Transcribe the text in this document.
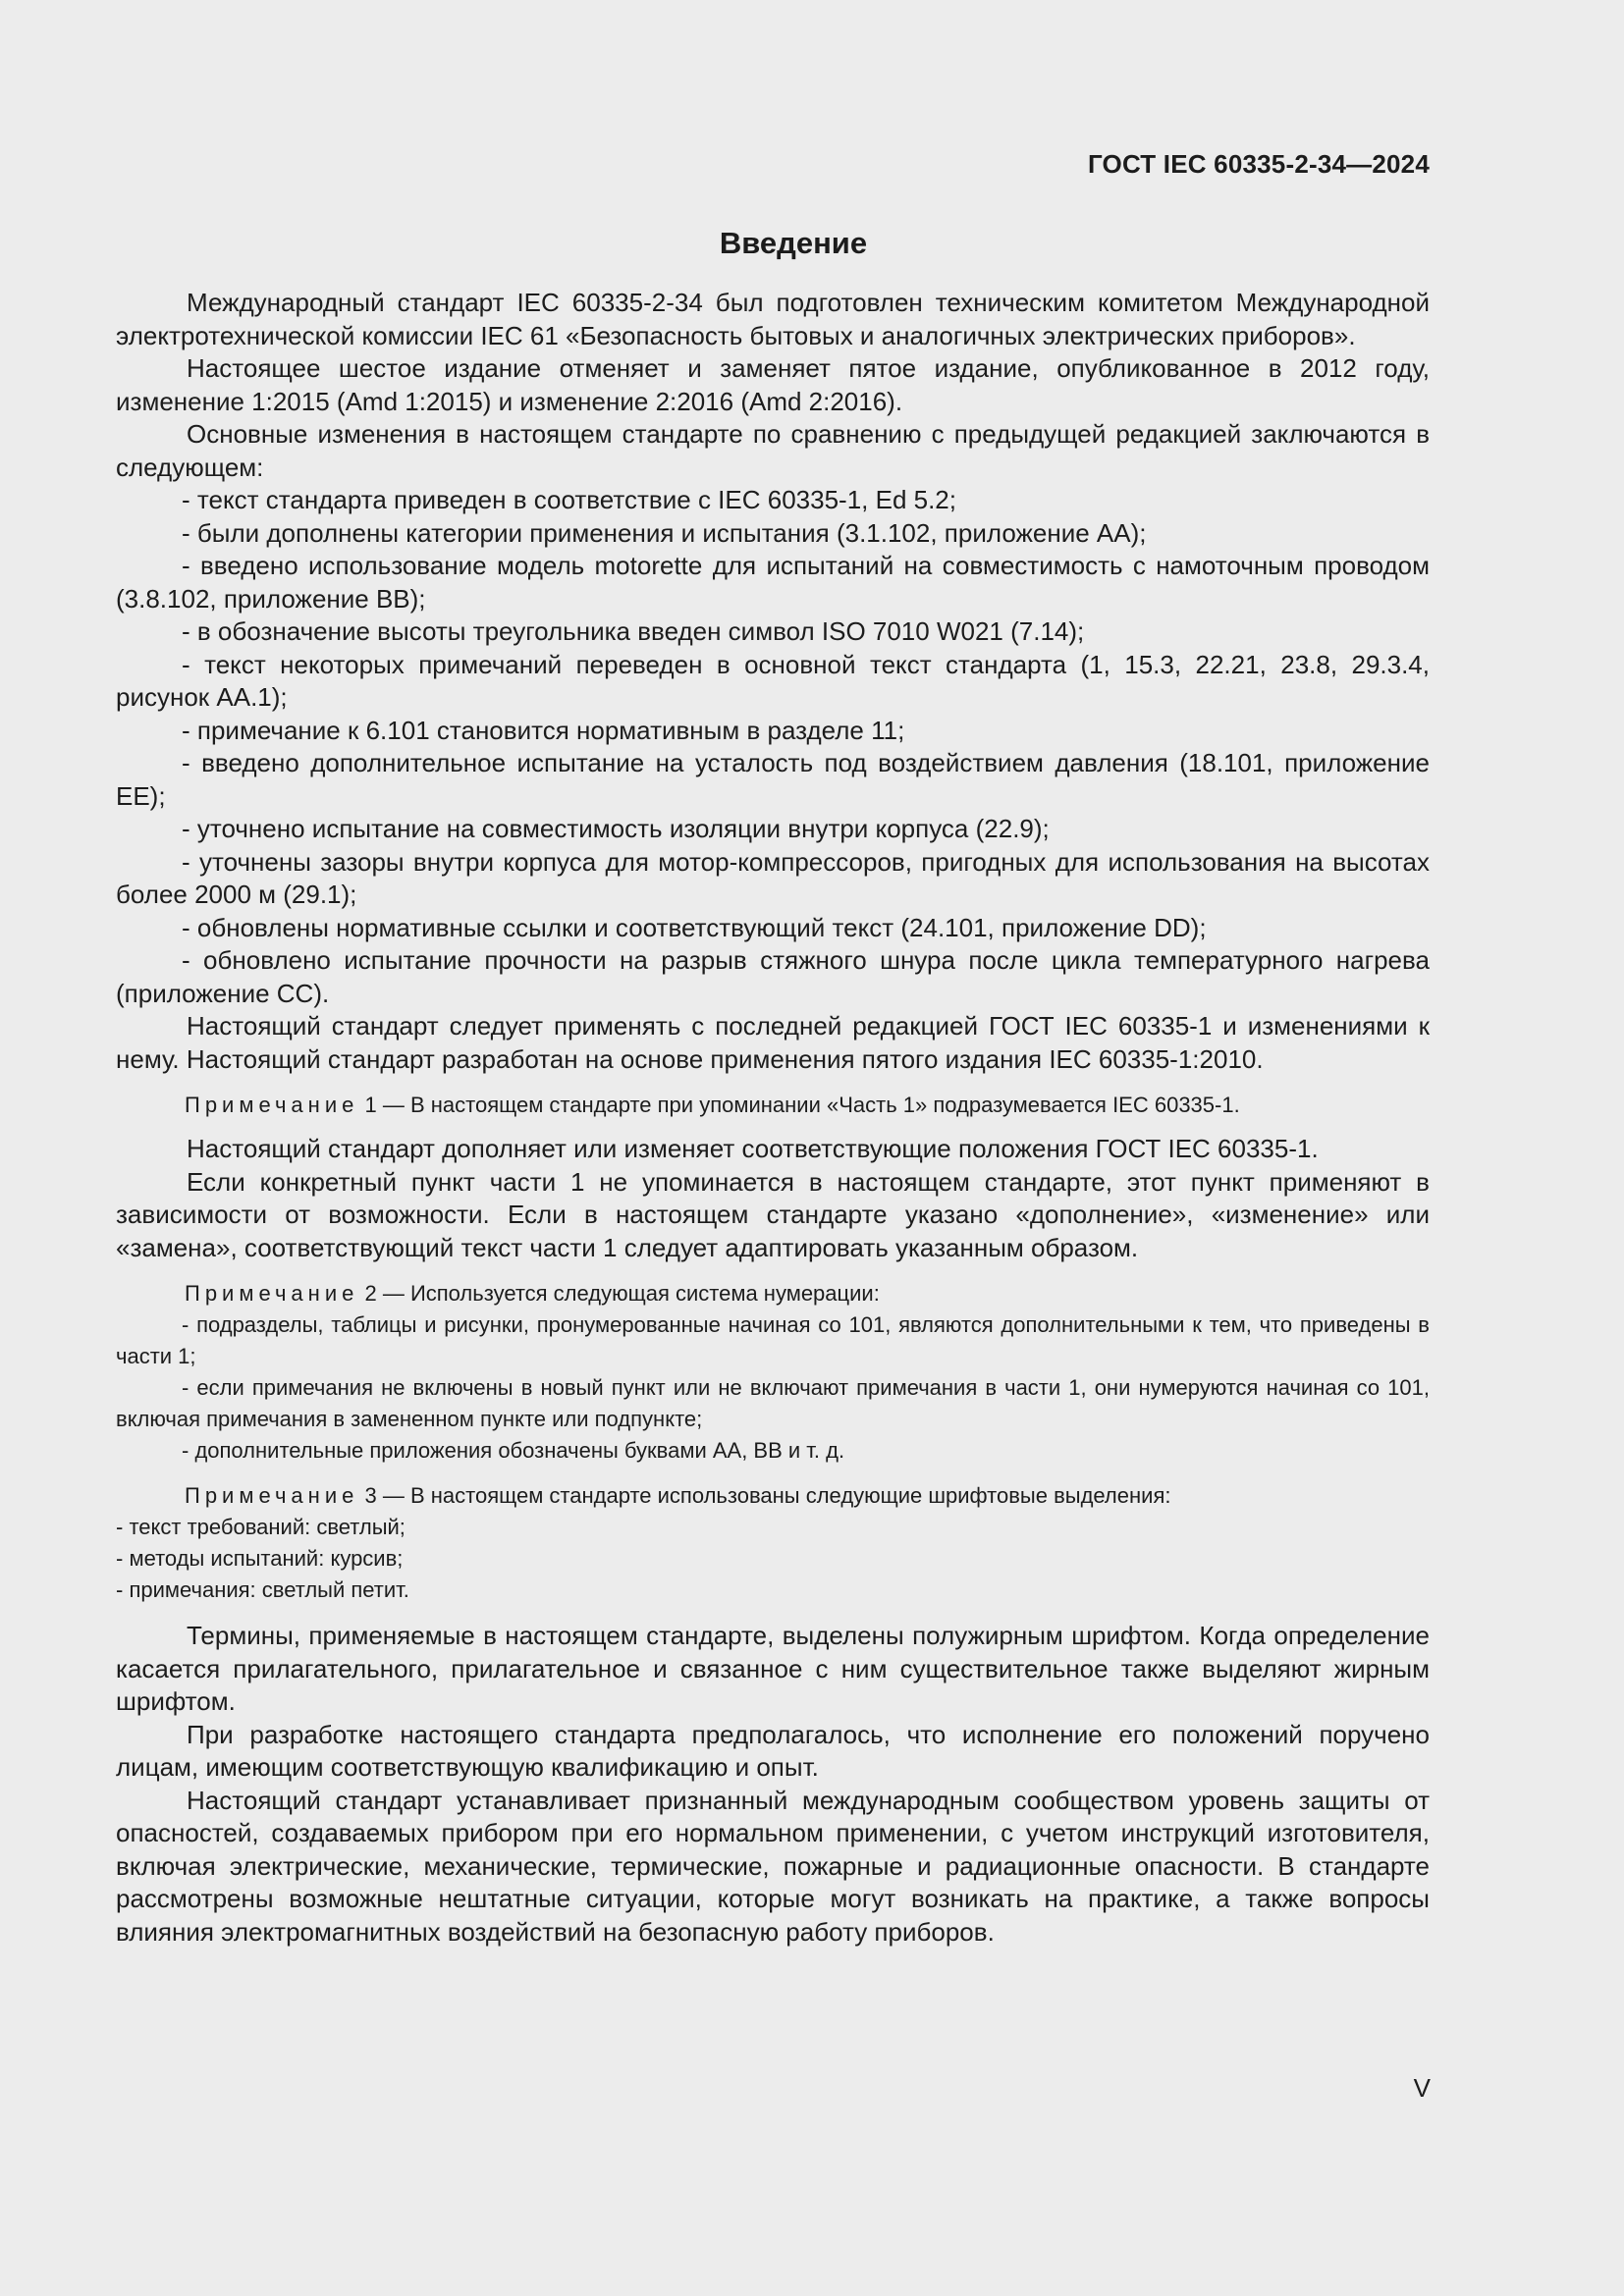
ГОСТ IEC 60335-2-34—2024
Введение

Международный стандарт IEC 60335-2-34 был подготовлен техническим комитетом Международной электротехнической комиссии IEC 61 «Безопасность бытовых и аналогичных электрических приборов».

Настоящее шестое издание отменяет и заменяет пятое издание, опубликованное в 2012 году, изменение 1:2015 (Amd 1:2015) и изменение 2:2016 (Amd 2:2016).

Основные изменения в настоящем стандарте по сравнению с предыдущей редакцией заключаются в следующем:

- текст стандарта приведен в соответствие с IEC 60335-1, Ed 5.2;

- были дополнены категории применения и испытания (3.1.102, приложение АА);

- введено использование модель motorette для испытаний на совместимость с намоточным проводом (3.8.102, приложение ВВ);

- в обозначение высоты треугольника введен символ ISO 7010 W021 (7.14);

- текст некоторых примечаний переведен в основной текст стандарта (1, 15.3, 22.21, 23.8, 29.3.4, рисунок АА.1);

- примечание к 6.101 становится нормативным в разделе 11;

- введено дополнительное испытание на усталость под воздействием давления (18.101, приложение ЕЕ);

- уточнено испытание на совместимость изоляции внутри корпуса (22.9);

- уточнены зазоры внутри корпуса для мотор-компрессоров, пригодных для использования на высотах более 2000 м (29.1);

- обновлены нормативные ссылки и соответствующий текст (24.101, приложение DD);

- обновлено испытание прочности на разрыв стяжного шнура после цикла температурного нагрева (приложение СС).

Настоящий стандарт следует применять с последней редакцией ГОСТ IEC 60335-1 и изменениями к нему. Настоящий стандарт разработан на основе применения пятого издания IEC 60335-1:2010.

Примечание 1 — В настоящем стандарте при упоминании «Часть 1» подразумевается IEC 60335-1.

Настоящий стандарт дополняет или изменяет соответствующие положения ГОСТ IEC 60335-1.

Если конкретный пункт части 1 не упоминается в настоящем стандарте, этот пункт применяют в зависимости от возможности. Если в настоящем стандарте указано «дополнение», «изменение» или «замена», соответствующий текст части 1 следует адаптировать указанным образом.

Примечание 2 — Используется следующая система нумерации:

- подразделы, таблицы и рисунки, пронумерованные начиная со 101, являются дополнительными к тем, что приведены в части 1;

- если примечания не включены в новый пункт или не включают примечания в части 1, они нумеруются начиная со 101, включая примечания в замененном пункте или подпункте;

- дополнительные приложения обозначены буквами АА, ВВ и т. д.

Примечание 3 — В настоящем стандарте использованы следующие шрифтовые выделения:

- текст требований: светлый;

- методы испытаний: курсив;

- примечания: светлый петит.

Термины, применяемые в настоящем стандарте, выделены полужирным шрифтом. Когда определение касается прилагательного, прилагательное и связанное с ним существительное также выделяют жирным шрифтом.

При разработке настоящего стандарта предполагалось, что исполнение его положений поручено лицам, имеющим соответствующую квалификацию и опыт.

Настоящий стандарт устанавливает признанный международным сообществом уровень защиты от опасностей, создаваемых прибором при его нормальном применении, с учетом инструкций изготовителя, включая электрические, механические, термические, пожарные и радиационные опасности. В стандарте рассмотрены возможные нештатные ситуации, которые могут возникать на практике, а также вопросы влияния электромагнитных воздействий на безопасную работу приборов.

V
